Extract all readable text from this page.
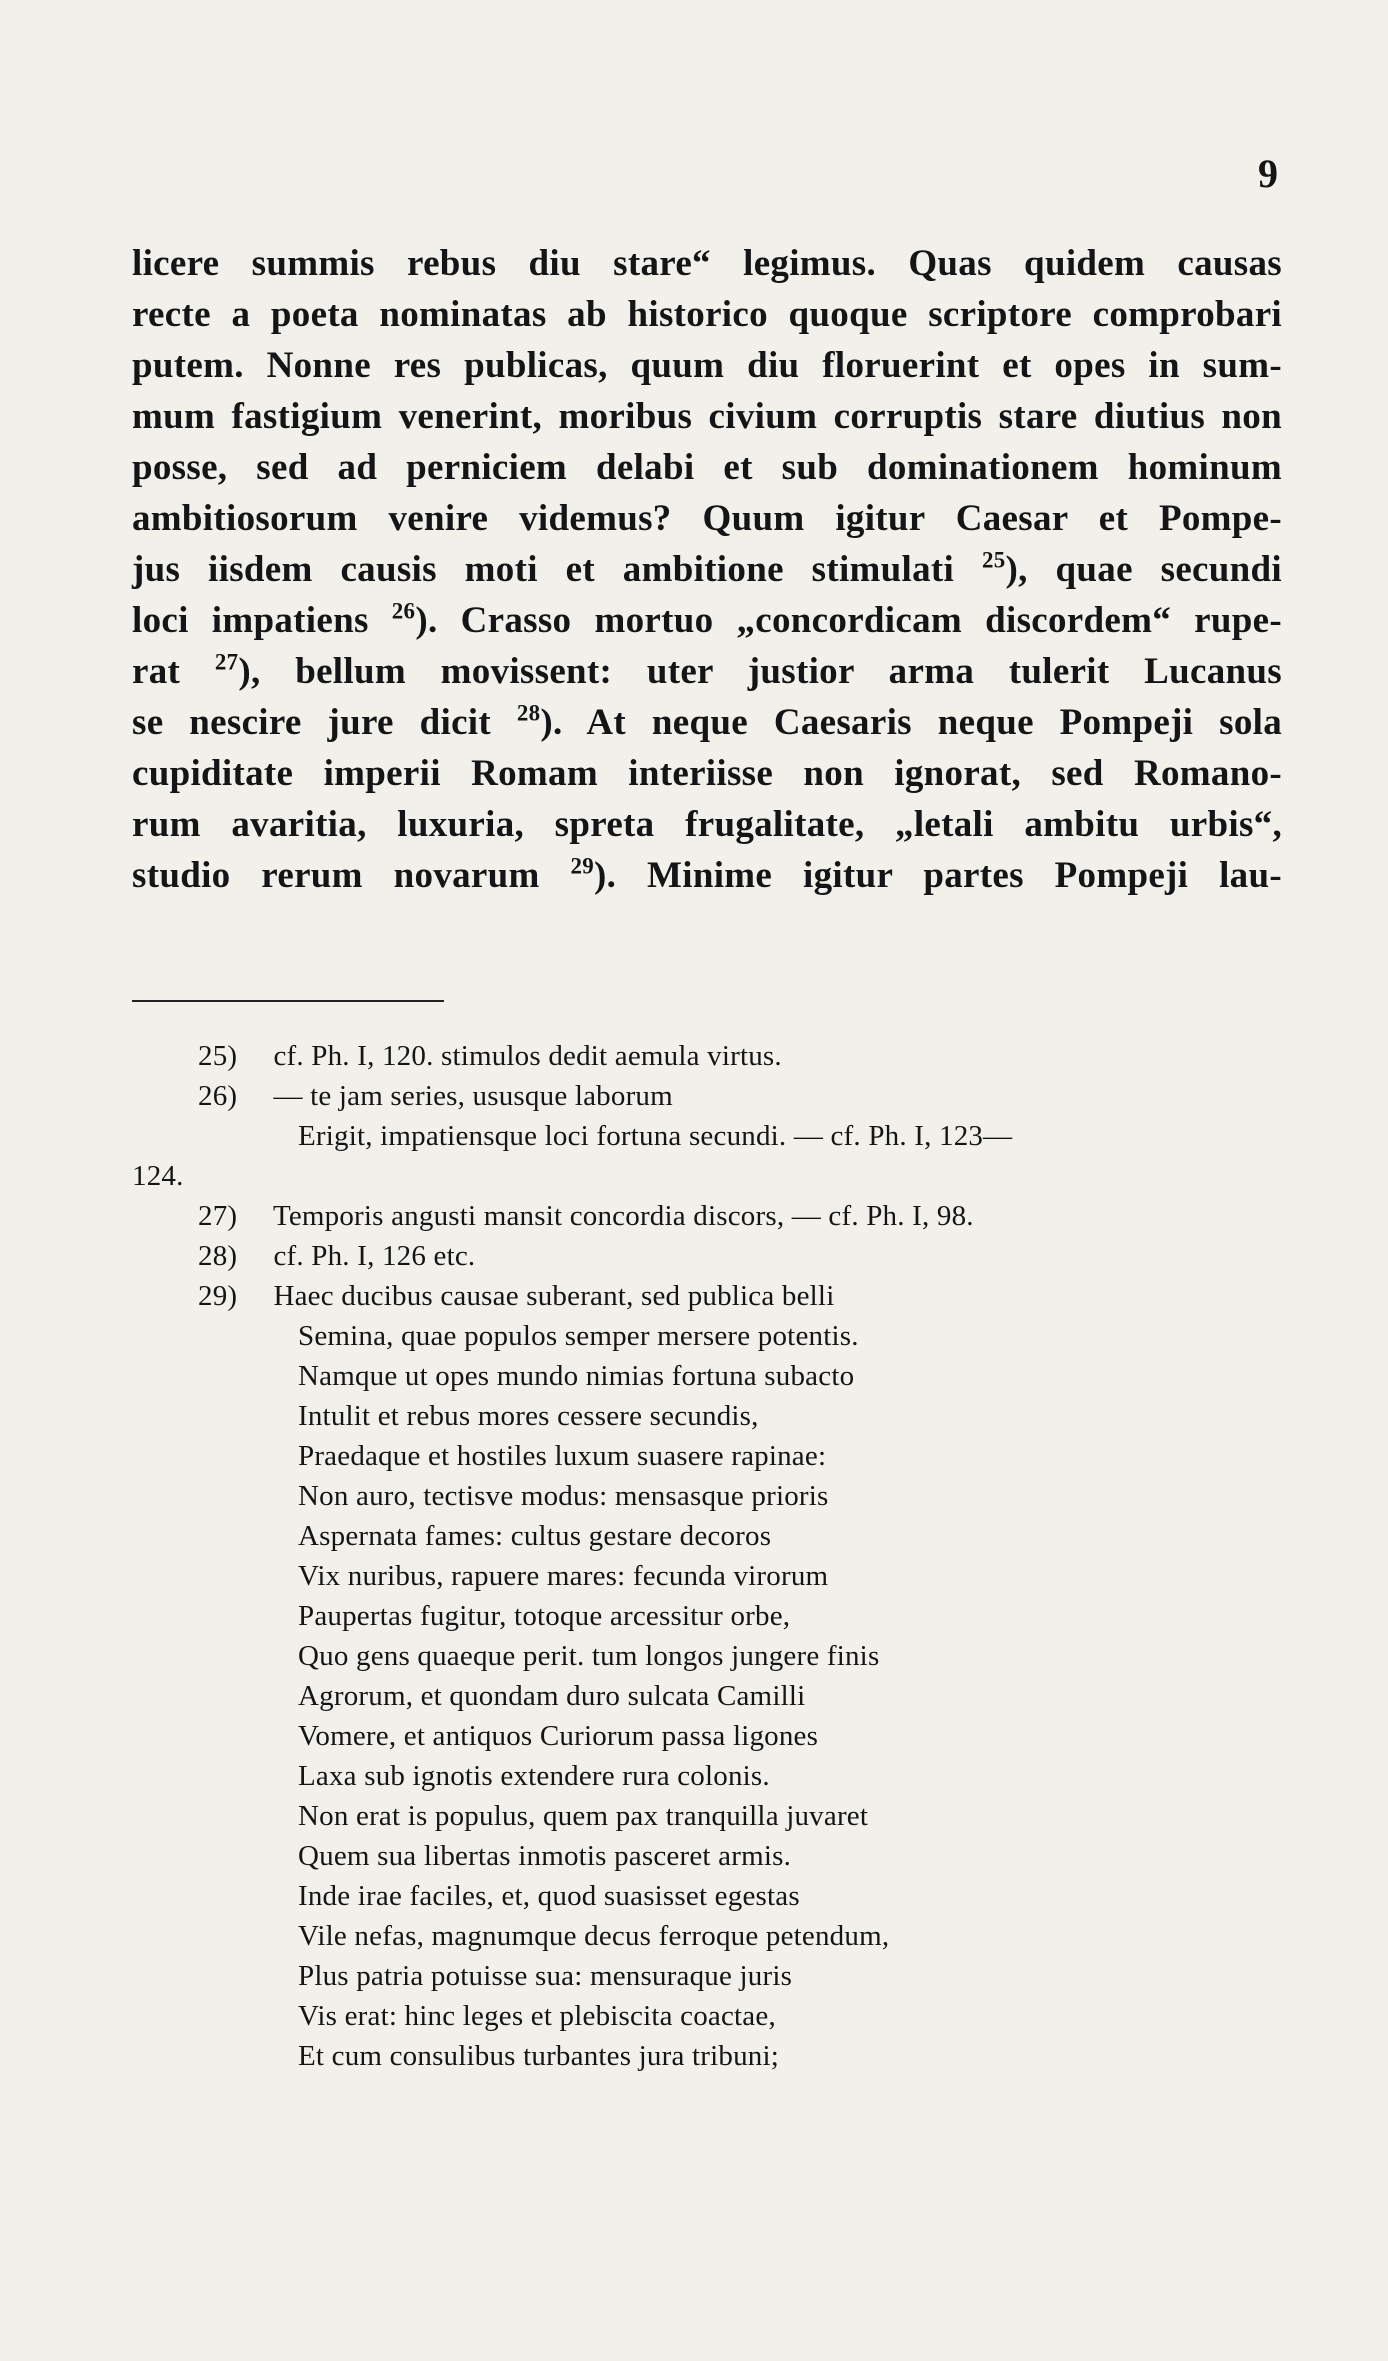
9
licere summis rebus diu stare“ legimus. Quas quidem causas
recte a poeta nominatas ab historico quoque scriptore comprobari
putem. Nonne res publicas, quum diu floruerint et opes in sum-
mum fastigium venerint, moribus civium corruptis stare diutius non
posse, sed ad perniciem delabi et sub dominationem hominum
ambitiosorum venire videmus? Quum igitur Caesar et Pompe-
jus iisdem causis moti et ambitione stimulati $^{25}$), quae secundi
loci impatiens $^{26}$). Crasso mortuo „concordicam discordem“ rupe-
rat $^{27}$), bellum movissent: uter justior arma tulerit Lucanus
se nescire jure dicit $^{28}$). At neque Caesaris neque Pompeji sola
cupiditate imperii Romam interiisse non ignorat, sed Romano-
rum avaritia, luxuria, spreta frugalitate, „letali ambitu urbis“,
studio rerum novarum $^{29}$). Minime igitur partes Pompeji lau-
25) cf. Ph. I, 120. stimulos dedit aemula virtus.
26) — te jam series, ususque laborum
Erigit, impatiensque loci fortuna secundi. — cf. Ph. I, 123—
124.
27) Temporis angusti mansit concordia discors, — cf. Ph. I, 98.
28) cf. Ph. I, 126 etc.
29) Haec ducibus causae suberant, sed publica belli
Semina, quae populos semper mersere potentis.
Namque ut opes mundo nimias fortuna subacto
Intulit et rebus mores cessere secundis,
Praedaque et hostiles luxum suasere rapinae:
Non auro, tectisve modus: mensasque prioris
Aspernata fames: cultus gestare decoros
Vix nuribus, rapuere mares: fecunda virorum
Paupertas fugitur, totoque arcessitur orbe,
Quo gens quaeque perit. tum longos jungere finis
Agrorum, et quondam duro sulcata Camilli
Vomere, et antiquos Curiorum passa ligones
Laxa sub ignotis extendere rura colonis.
Non erat is populus, quem pax tranquilla juvaret
Quem sua libertas inmotis pasceret armis.
Inde irae faciles, et, quod suasisset egestas
Vile nefas, magnumque decus ferroque petendum,
Plus patria potuisse sua: mensuraque juris
Vis erat: hinc leges et plebiscita coactae,
Et cum consulibus turbantes jura tribuni;
